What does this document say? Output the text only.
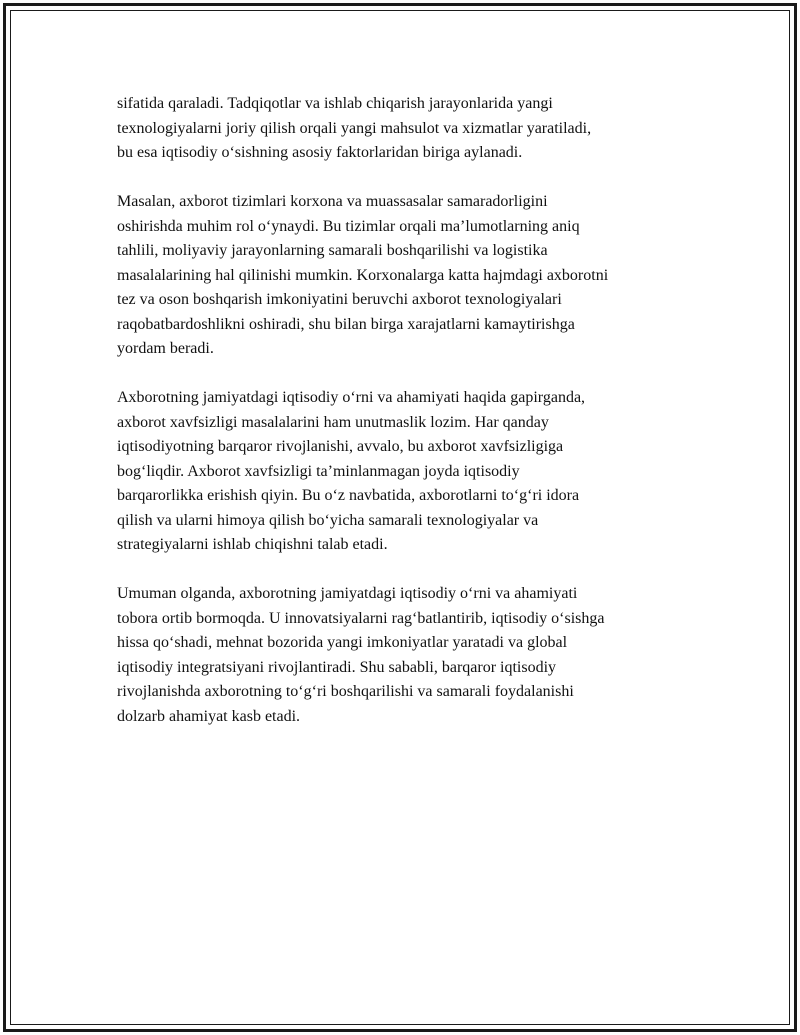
sifatida qaraladi. Tadqiqotlar va ishlab chiqarish jarayonlarida yangi
texnologiyalarni joriy qilish orqali yangi mahsulot va xizmatlar yaratiladi,
bu esa iqtisodiy o‘sishning asosiy faktorlaridan biriga aylanadi.

Masalan, axborot tizimlari korxona va muassasalar samaradorligini
oshirishda muhim rol o‘ynaydi. Bu tizimlar orqali ma’lumotlarning aniq
tahlili, moliyaviy jarayonlarning samarali boshqarilishi va logistika
masalalarining hal qilinishi mumkin. Korxonalarga katta hajmdagi axborotni
tez va oson boshqarish imkoniyatini beruvchi axborot texnologiyalari
raqobatbardoshlikni oshiradi, shu bilan birga xarajatlarni kamaytirishga
yordam beradi.

Axborotning jamiyatdagi iqtisodiy o‘rni va ahamiyati haqida gapirganda,
axborot xavfsizligi masalalarini ham unutmaslik lozim. Har qanday
iqtisodiyotning barqaror rivojlanishi, avvalo, bu axborot xavfsizligiga
bog‘liqdir. Axborot xavfsizligi ta’minlanmagan joyda iqtisodiy
barqarorlikka erishish qiyin. Bu o‘z navbatida, axborotlarni to‘g‘ri idora
qilish va ularni himoya qilish bo‘yicha samarali texnologiyalar va
strategiyalarni ishlab chiqishni talab etadi.

Umuman olganda, axborotning jamiyatdagi iqtisodiy o‘rni va ahamiyati
tobora ortib bormoqda. U innovatsiyalarni rag‘batlantirib, iqtisodiy o‘sishga
hissa qo‘shadi, mehnat bozorida yangi imkoniyatlar yaratadi va global
iqtisodiy integratsiyani rivojlantiradi. Shu sababli, barqaror iqtisodiy
rivojlanishda axborotning to‘g‘ri boshqarilishi va samarali foydalanishi
dolzarb ahamiyat kasb etadi.
